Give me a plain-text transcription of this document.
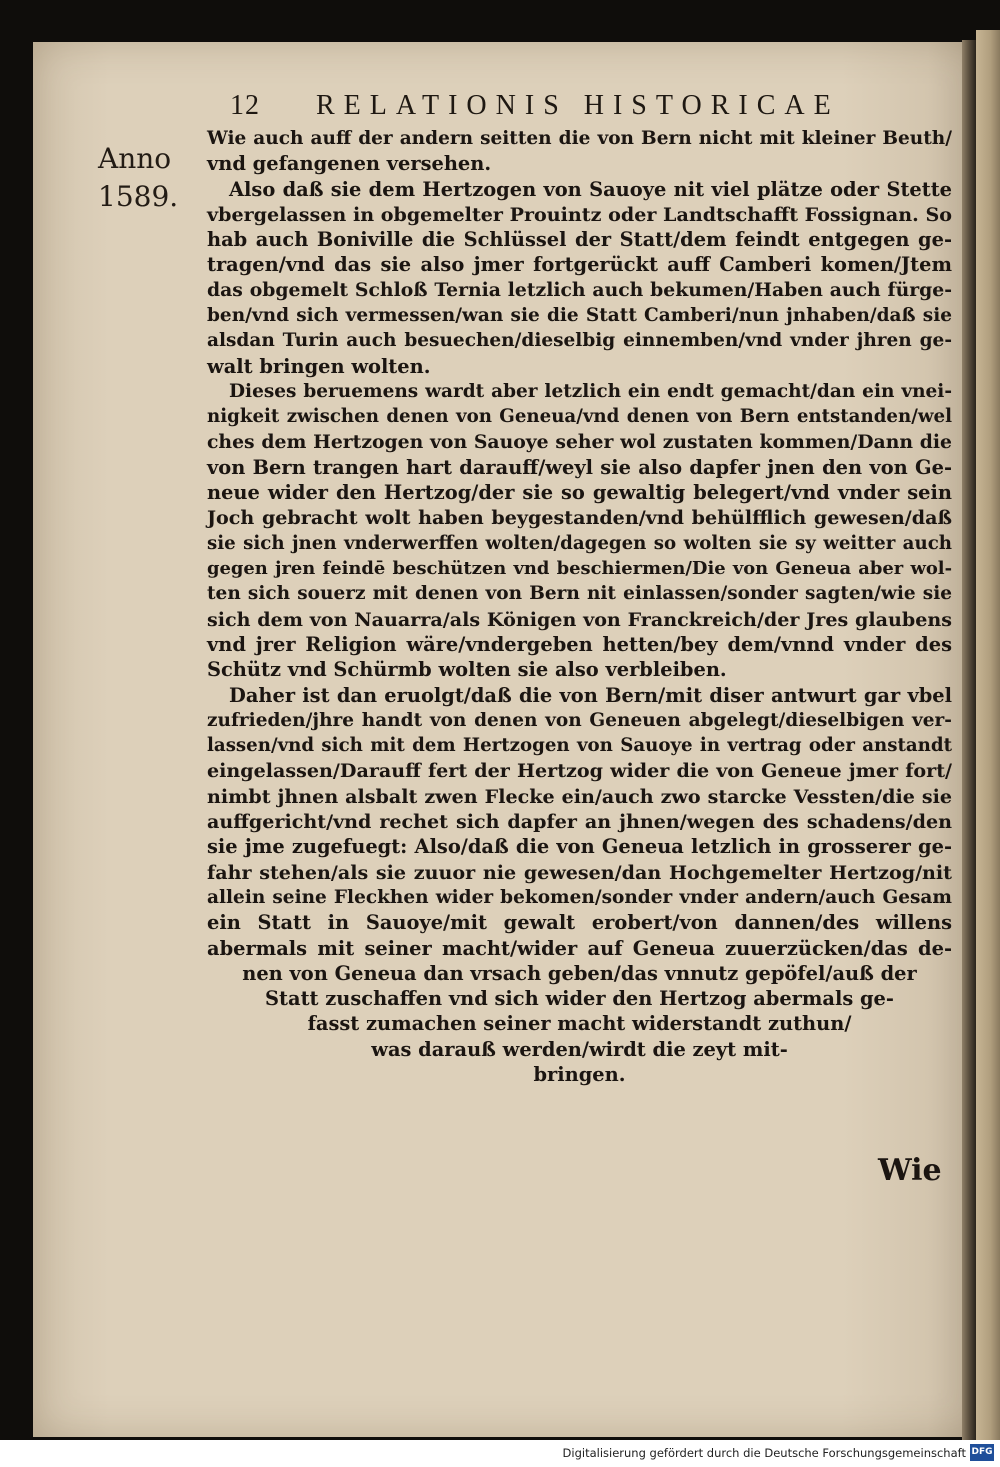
12 RELATIONIS HISTORICAE
Anno
1589.
Wie auch auff der andern seitten die von Bern nicht mit kleiner Beuth/
vnd gefangenen versehen.
Also daß sie dem Hertzogen von Sauoye nit viel plätze oder Stette
vbergelassen in obgemelter Prouintz oder Landtschafft Fossignan. So
hab auch Boniville die Schlüssel der Statt/dem feindt entgegen ge-
tragen/vnd das sie also jmer fortgerückt auff Camberi komen/Jtem
das obgemelt Schloß Ternia letzlich auch bekumen/Haben auch fürge-
ben/vnd sich vermessen/wan sie die Statt Camberi/nun jnhaben/daß sie
alsdan Turin auch besuechen/dieselbig einnemben/vnd vnder jhren ge-
walt bringen wolten.
Dieses beruemens wardt aber letzlich ein endt gemacht/dan ein vnei-
nigkeit zwischen denen von Geneua/vnd denen von Bern entstanden/wel
ches dem Hertzogen von Sauoye seher wol zustaten kommen/Dann die
von Bern trangen hart darauff/weyl sie also dapfer jnen den von Ge-
neue wider den Hertzog/der sie so gewaltig belegert/vnd vnder sein
Joch gebracht wolt haben beygestanden/vnd behülfflich gewesen/daß
sie sich jnen vnderwerffen wolten/dagegen so wolten sie sy weitter auch
gegen jren feindē beschützen vnd beschiermen/Die von Geneua aber wol-
ten sich souerz mit denen von Bern nit einlassen/sonder sagten/wie sie
sich dem von Nauarra/als Königen von Franckreich/der Jres glaubens
vnd jrer Religion wäre/vndergeben hetten/bey dem/vnnd vnder des
Schütz vnd Schürmb wolten sie also verbleiben.
Daher ist dan eruolgt/daß die von Bern/mit diser antwurt gar vbel
zufrieden/jhre handt von denen von Geneuen abgelegt/dieselbigen ver-
lassen/vnd sich mit dem Hertzogen von Sauoye in vertrag oder anstandt
eingelassen/Darauff fert der Hertzog wider die von Geneue jmer fort/
nimbt jhnen alsbalt zwen Flecke ein/auch zwo starcke Vessten/die sie
auffgericht/vnd rechet sich dapfer an jhnen/wegen des schadens/den
sie jme zugefuegt: Also/daß die von Geneua letzlich in grosserer ge-
fahr stehen/als sie zuuor nie gewesen/dan Hochgemelter Hertzog/nit
allein seine Fleckhen wider bekomen/sonder vnder andern/auch Gesam
ein Statt in Sauoye/mit gewalt erobert/von dannen/des willens
abermals mit seiner macht/wider auf Geneua zuuerzücken/das de-
nen von Geneua dan vrsach geben/das vnnutz gepöfel/auß der
Statt zuschaffen vnd sich wider den Hertzog abermals ge-
fasst zumachen seiner macht widerstandt zuthun/
was darauß werden/wirdt die zeyt mit-
bringen.
Wie
Digitalisierung gefördert durch die Deutsche Forschungsgemeinschaft DFG
